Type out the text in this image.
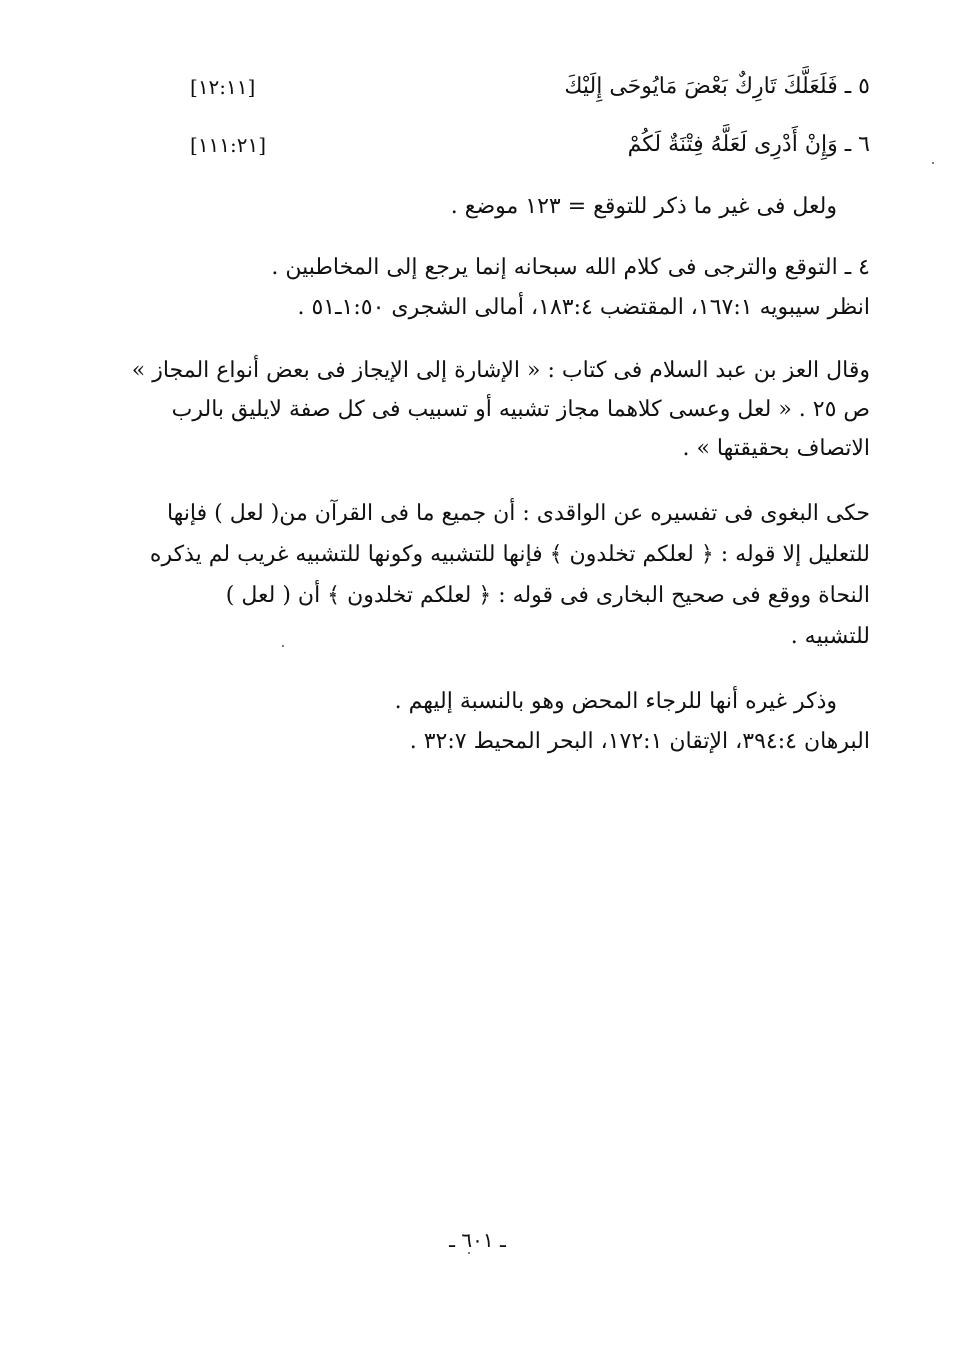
٥ ـ فَلَعَلَّكَ تَارِكٌ بَعْضَ مَايُوحَى إِلَيْكَ
[١٢:١١]
٦ ـ وَإِنْ أَدْرِى لَعَلَّهُ فِتْنَةٌ لَكُمْ
[١١١:٢١]
ولعل فى غير ما ذكر للتوقع = ١٢٣ موضع .
٤ ـ التوقع والترجى فى كلام الله سبحانه إنما يرجع إلى المخاطبين .
انظر سيبويه ١٦٧:١، المقتضب ١٨٣:٤، أمالى الشجرى ١:٥٠ـ٥١ .
وقال العز بن عبد السلام فى كتاب : « الإشارة إلى الإيجاز فى بعض أنواع المجاز »
ص ٢٥ . « لعل وعسى كلاهما مجاز تشبيه أو تسبيب فى كل صفة لايليق بالرب
الاتصاف بحقيقتها » .
حكى البغوى فى تفسيره عن الواقدى : أن جميع ما فى القرآن من( لعل ) فإنها
للتعليل إلا قوله : ﴿ لعلكم تخلدون ﴾ فإنها للتشبيه وكونها للتشبيه غريب لم يذكره
النحاة ووقع فى صحيح البخارى فى قوله : ﴿ لعلكم تخلدون ﴾ أن ( لعل )
للتشبيه .
وذكر غيره أنها للرجاء المحض وهو بالنسبة إليهم .
البرهان ٣٩٤:٤، الإتقان ١٧٢:١، البحر المحيط ٣٢:٧ .
ـ ٦٠١ ـ
